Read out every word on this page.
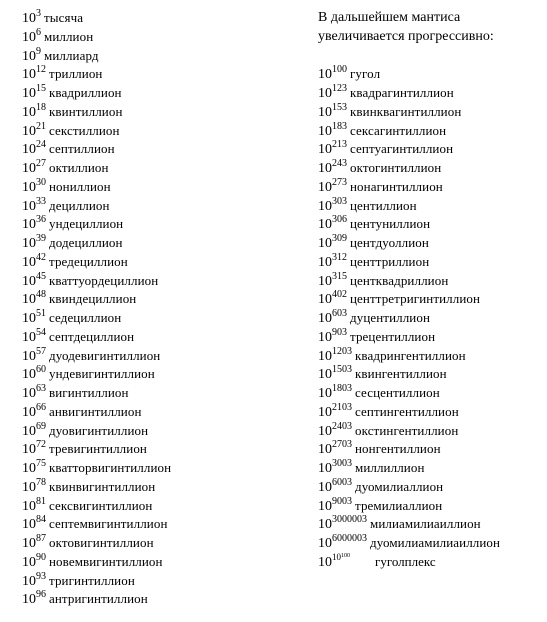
$10^3$ тысяча
$10^6$ миллион
$10^9$ миллиард
$10^{12}$ триллион
$10^{15}$ квадриллион
$10^{18}$ квинтиллион
$10^{21}$ секстиллион
$10^{24}$ септиллион
$10^{27}$ октиллион
$10^{30}$ нониллион
$10^{33}$ дециллион
$10^{36}$ ундециллион
$10^{39}$ додециллион
$10^{42}$ тредециллион
$10^{45}$ кваттуордециллион
$10^{48}$ квиндециллион
$10^{51}$ седециллион
$10^{54}$ септдециллион
$10^{57}$ дуодевигинтиллион
$10^{60}$ ундевигинтиллион
$10^{63}$ вигинтиллион
$10^{66}$ анвигинтиллион
$10^{69}$ дуовигинтиллион
$10^{72}$ тревигинтиллион
$10^{75}$ кватторвигинтиллион
$10^{78}$ квинвигинтиллион
$10^{81}$ сексвигинтиллион
$10^{84}$ септемвигинтиллион
$10^{87}$ октовигинтиллион
$10^{90}$ новемвигинтиллион
$10^{93}$ тригинтиллион
$10^{96}$ антригинтиллион
В дальшейшем мантиса
увеличивается прогрессивно:
$10^{100}$ гугол
$10^{123}$ квадрагинтиллион
$10^{153}$ квинквагинтиллион
$10^{183}$ сексагинтиллион
$10^{213}$ септуагинтиллион
$10^{243}$ октогинтиллион
$10^{273}$ нонагинтиллион
$10^{303}$ центиллион
$10^{306}$ центуниллион
$10^{309}$ центдуоллион
$10^{312}$ центтриллион
$10^{315}$ центквадриллион
$10^{402}$ центтретригинтиллион
$10^{603}$ дуцентиллион
$10^{903}$ трецентиллион
$10^{1203}$ квадрингентиллион
$10^{1503}$ квингентиллион
$10^{1803}$ сесцентиллион
$10^{2103}$ септингентиллион
$10^{2403}$ окстингентиллион
$10^{2703}$ нонгентиллион
$10^{3003}$ миллиллион
$10^{6003}$ дуомилиаллион
$10^{9003}$ тремилиаллион
$10^{3000003}$ милиамилиаиллион
$10^{6000003}$ дуомилиамилиаиллион
$10^{10100}$ гуголплекс
